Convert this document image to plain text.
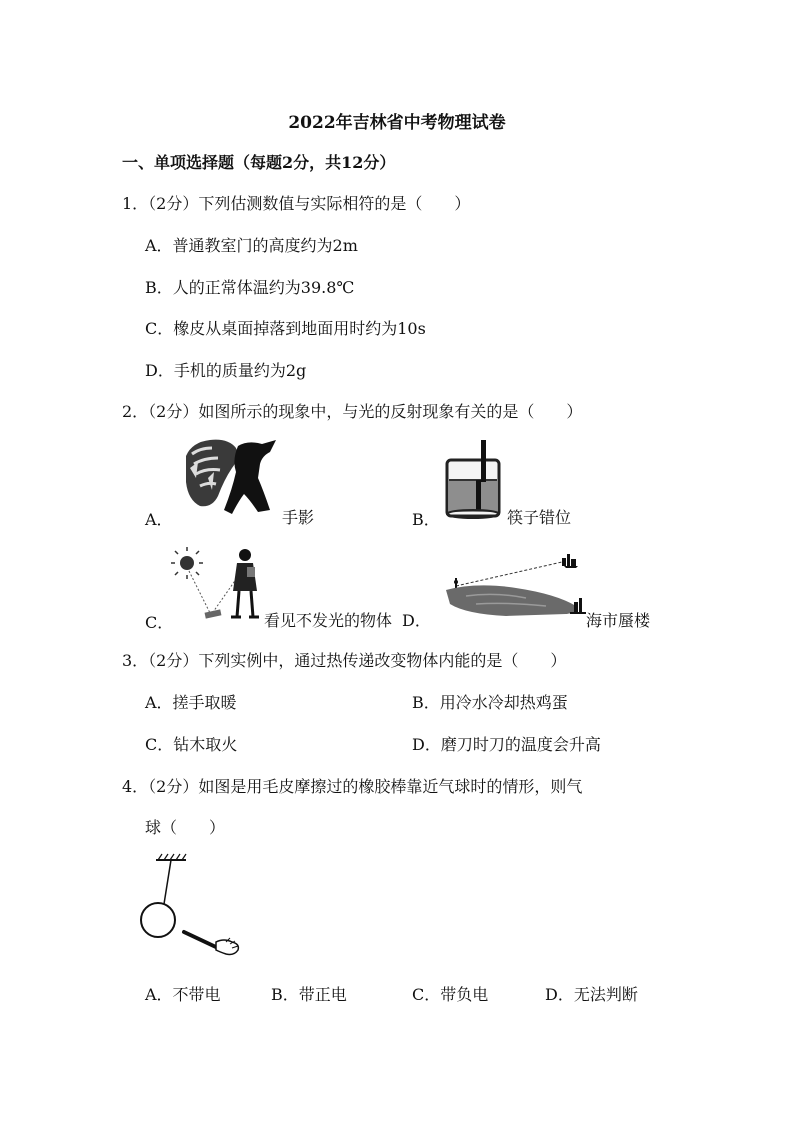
2022年吉林省中考物理试卷
一、单项选择题（每题2分，共12分）
1．（2分）下列估测数值与实际相符的是（　　）
A．普通教室门的高度约为2m
B．人的正常体温约为39.8℃
C．橡皮从桌面掉落到地面用时约为10s
D．手机的质量约为2g
2．（2分）如图所示的现象中，与光的反射现象有关的是（　　）
A．	手影	B．	筷子错位
C．	看见不发光的物体 D．	海市蜃楼
3．（2分）下列实例中，通过热传递改变物体内能的是（　　）
A．搓手取暖	B．用冷水冷却热鸡蛋
C．钻木取火	D．磨刀时刀的温度会升高
4．（2分）如图是用毛皮摩擦过的橡胶棒靠近气球时的情形，则气
球（　　）
A．不带电	B．带正电	C．带负电	D．无法判断
